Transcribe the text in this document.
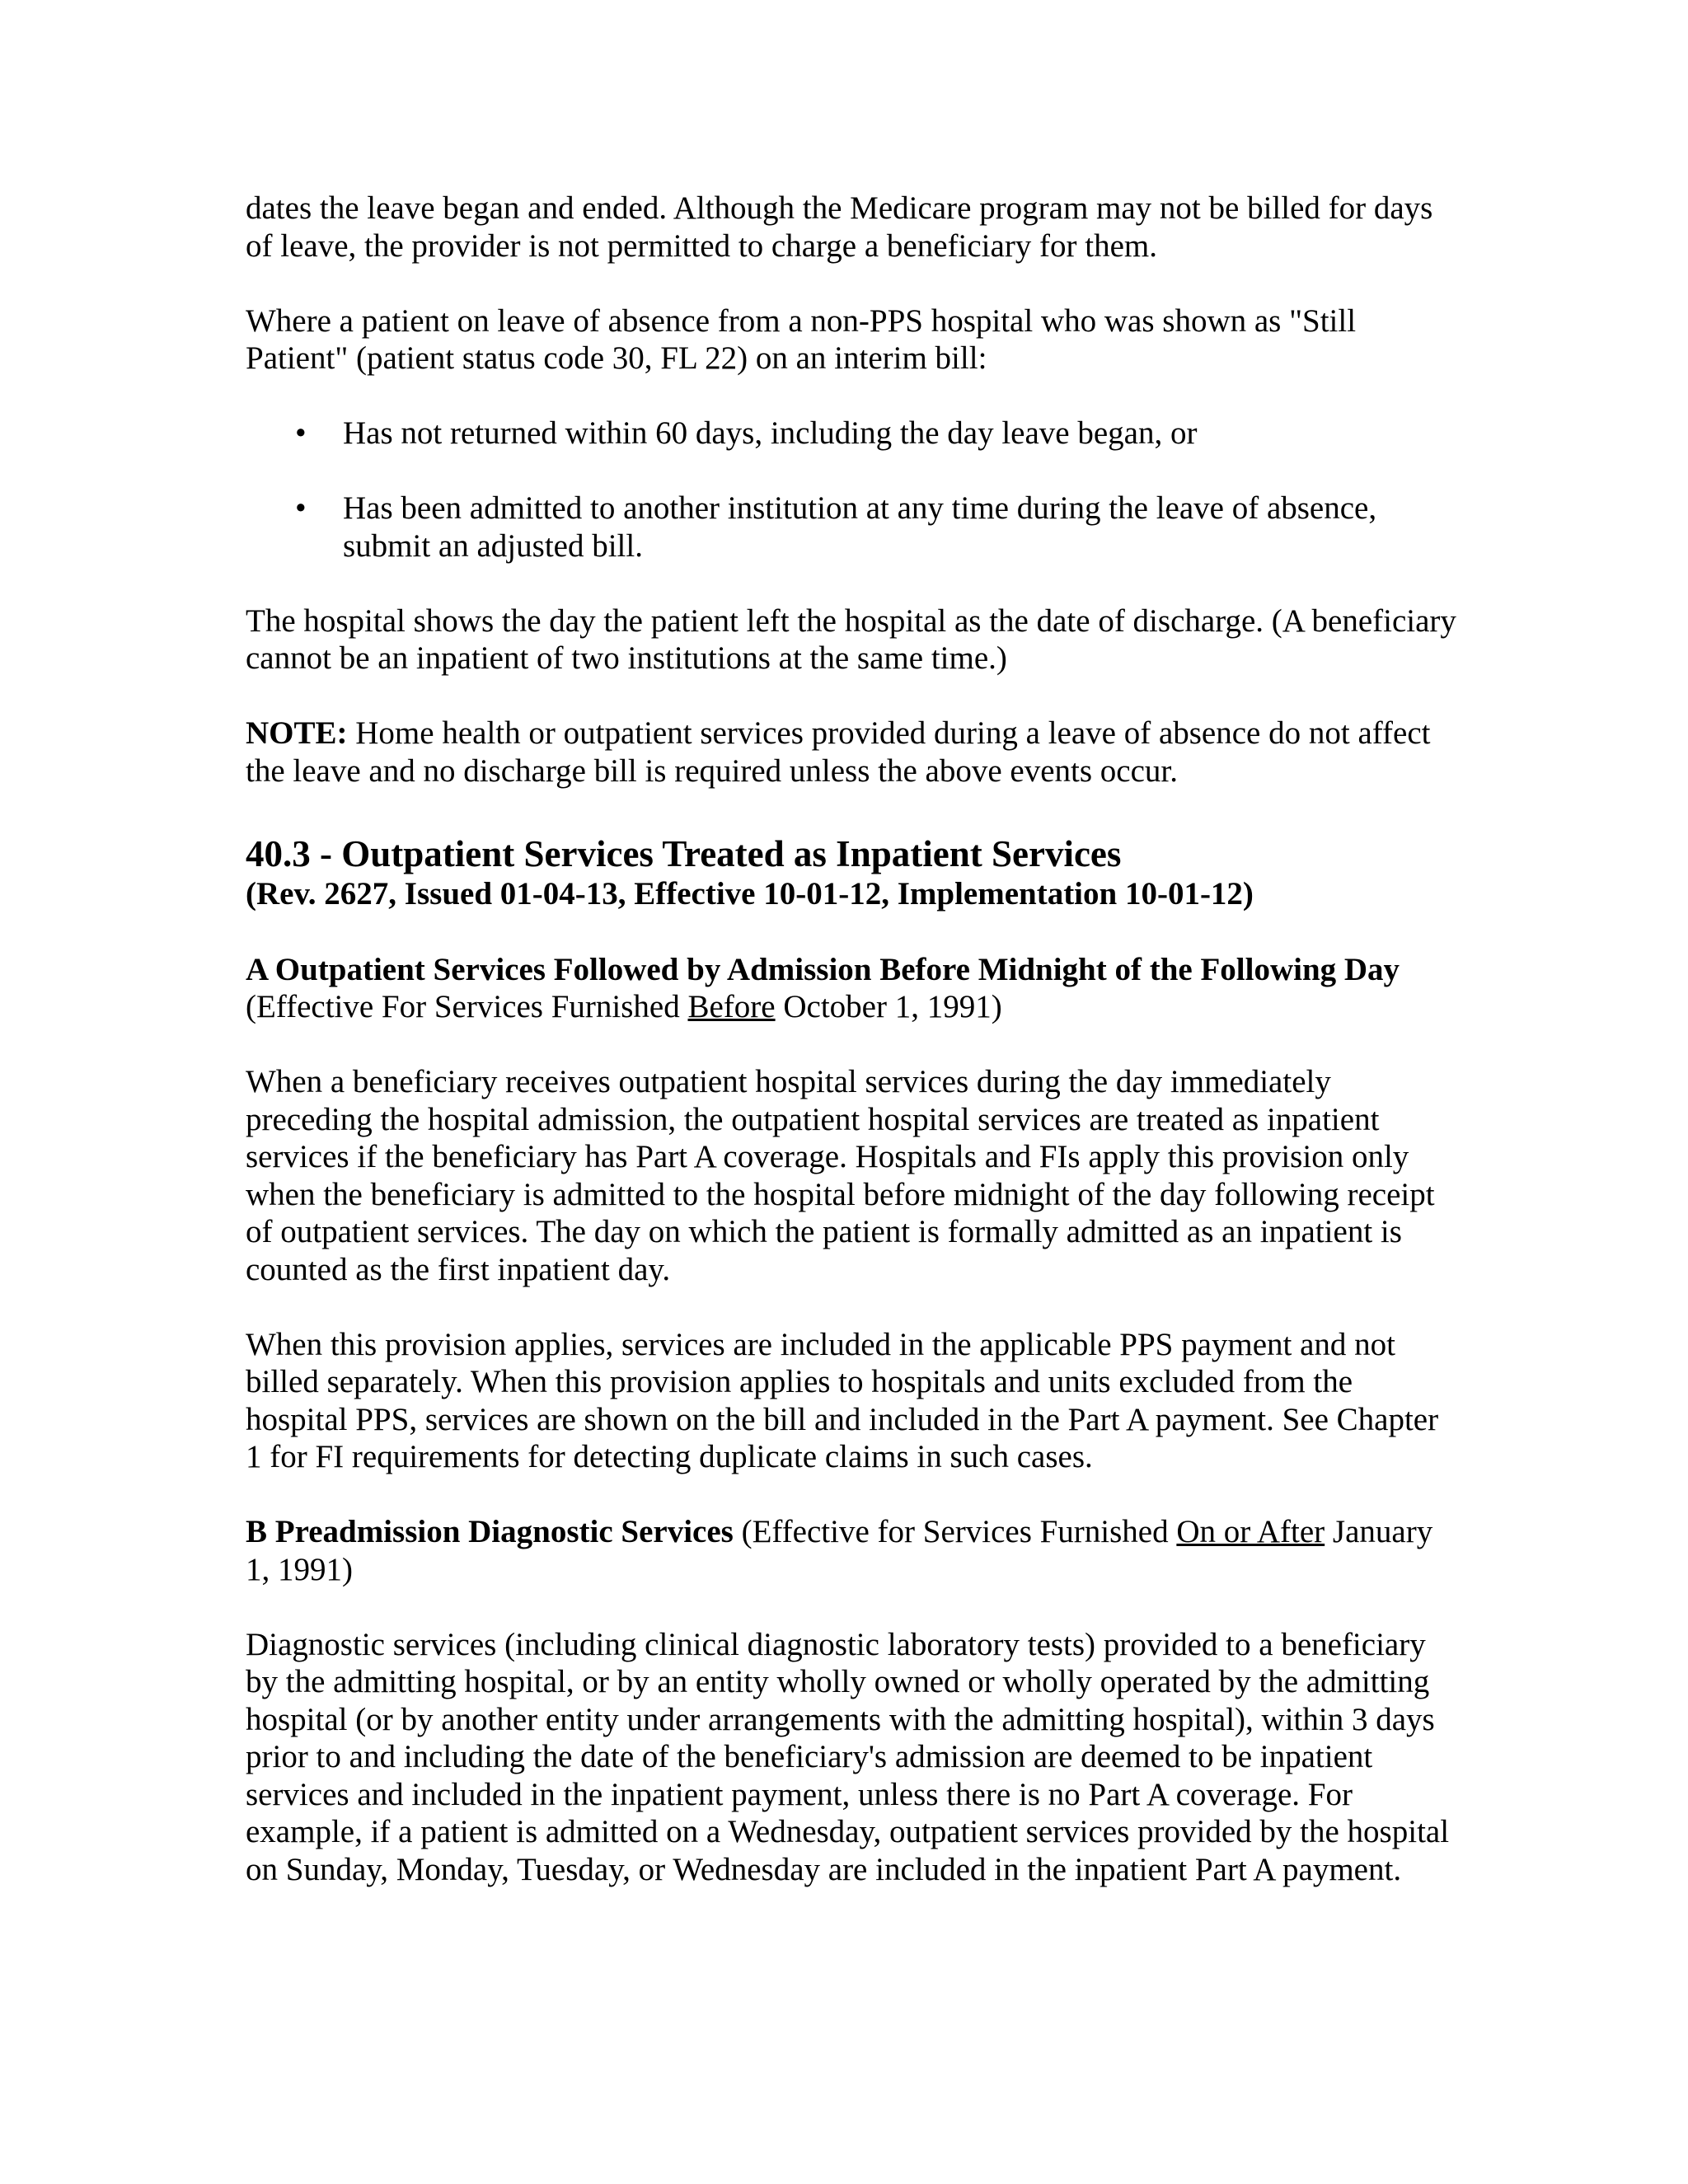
dates the leave began and ended. Although the Medicare program may not be billed for days of leave, the provider is not permitted to charge a beneficiary for them.

Where a patient on leave of absence from a non-PPS hospital who was shown as "Still Patient" (patient status code 30, FL 22) on an interim bill:

• Has not returned within 60 days, including the day leave began, or
• Has been admitted to another institution at any time during the leave of absence, submit an adjusted bill.

The hospital shows the day the patient left the hospital as the date of discharge. (A beneficiary cannot be an inpatient of two institutions at the same time.)

NOTE: Home health or outpatient services provided during a leave of absence do not affect the leave and no discharge bill is required unless the above events occur.

40.3 - Outpatient Services Treated as Inpatient Services
(Rev. 2627, Issued 01-04-13, Effective 10-01-12, Implementation 10-01-12)

A Outpatient Services Followed by Admission Before Midnight of the Following Day
(Effective For Services Furnished Before October 1, 1991)

When a beneficiary receives outpatient hospital services during the day immediately preceding the hospital admission, the outpatient hospital services are treated as inpatient services if the beneficiary has Part A coverage. Hospitals and FIs apply this provision only when the beneficiary is admitted to the hospital before midnight of the day following receipt of outpatient services. The day on which the patient is formally admitted as an inpatient is counted as the first inpatient day.

When this provision applies, services are included in the applicable PPS payment and not billed separately. When this provision applies to hospitals and units excluded from the hospital PPS, services are shown on the bill and included in the Part A payment. See Chapter 1 for FI requirements for detecting duplicate claims in such cases.

B Preadmission Diagnostic Services (Effective for Services Furnished On or After January 1, 1991)

Diagnostic services (including clinical diagnostic laboratory tests) provided to a beneficiary by the admitting hospital, or by an entity wholly owned or wholly operated by the admitting hospital (or by another entity under arrangements with the admitting hospital), within 3 days prior to and including the date of the beneficiary's admission are deemed to be inpatient services and included in the inpatient payment, unless there is no Part A coverage. For example, if a patient is admitted on a Wednesday, outpatient services provided by the hospital on Sunday, Monday, Tuesday, or Wednesday are included in the inpatient Part A payment.
